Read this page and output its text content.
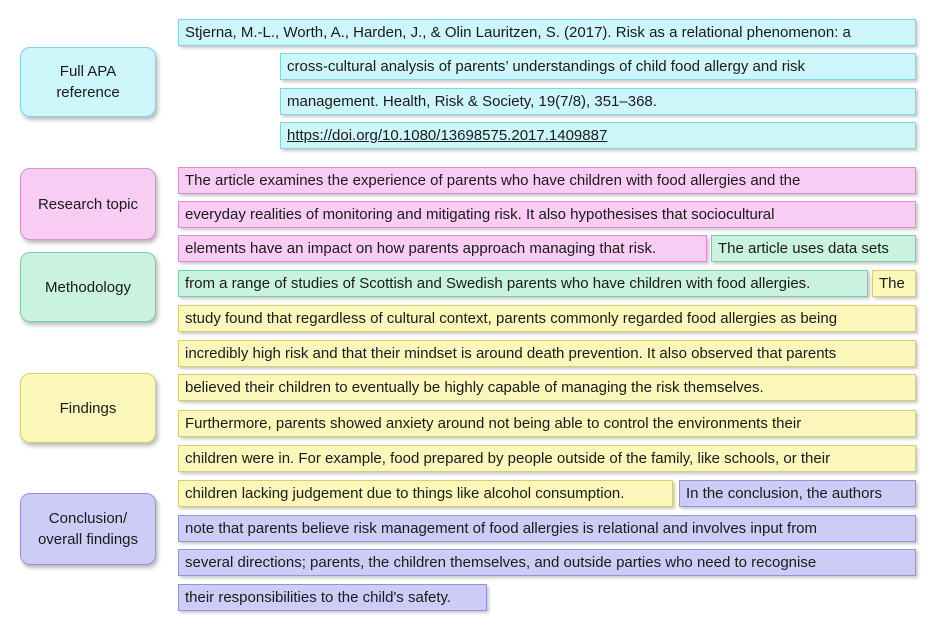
Full APA reference
Research topic
Methodology
Findings
Conclusion/ overall findings
Stjerna, M.-L., Worth, A., Harden, J., & Olin Lauritzen, S. (2017). Risk as a relational phenomenon: a
cross-cultural analysis of parents’ understandings of child food allergy and risk
management. Health, Risk & Society, 19(7/8), 351–368.
https://doi.org/10.1080/13698575.2017.1409887
The article examines the experience of parents who have children with food allergies and the
everyday realities of monitoring and mitigating risk. It also hypothesises that sociocultural
elements have an impact on how parents approach managing that risk.	The article uses data sets
from a range of studies of Scottish and Swedish parents who have children with food allergies.	The
study found that regardless of cultural context, parents commonly regarded food allergies as being
incredibly high risk and that their mindset is around death prevention. It also observed that parents
believed their children to eventually be highly capable of managing the risk themselves.
Furthermore, parents showed anxiety around not being able to control the environments their
children were in. For example, food prepared by people outside of the family, like schools, or their
children lacking judgement due to things like alcohol consumption.	In the conclusion, the authors
note that parents believe risk management of food allergies is relational and involves input from
several directions; parents, the children themselves, and outside parties who need to recognise
their responsibilities to the child's safety.
